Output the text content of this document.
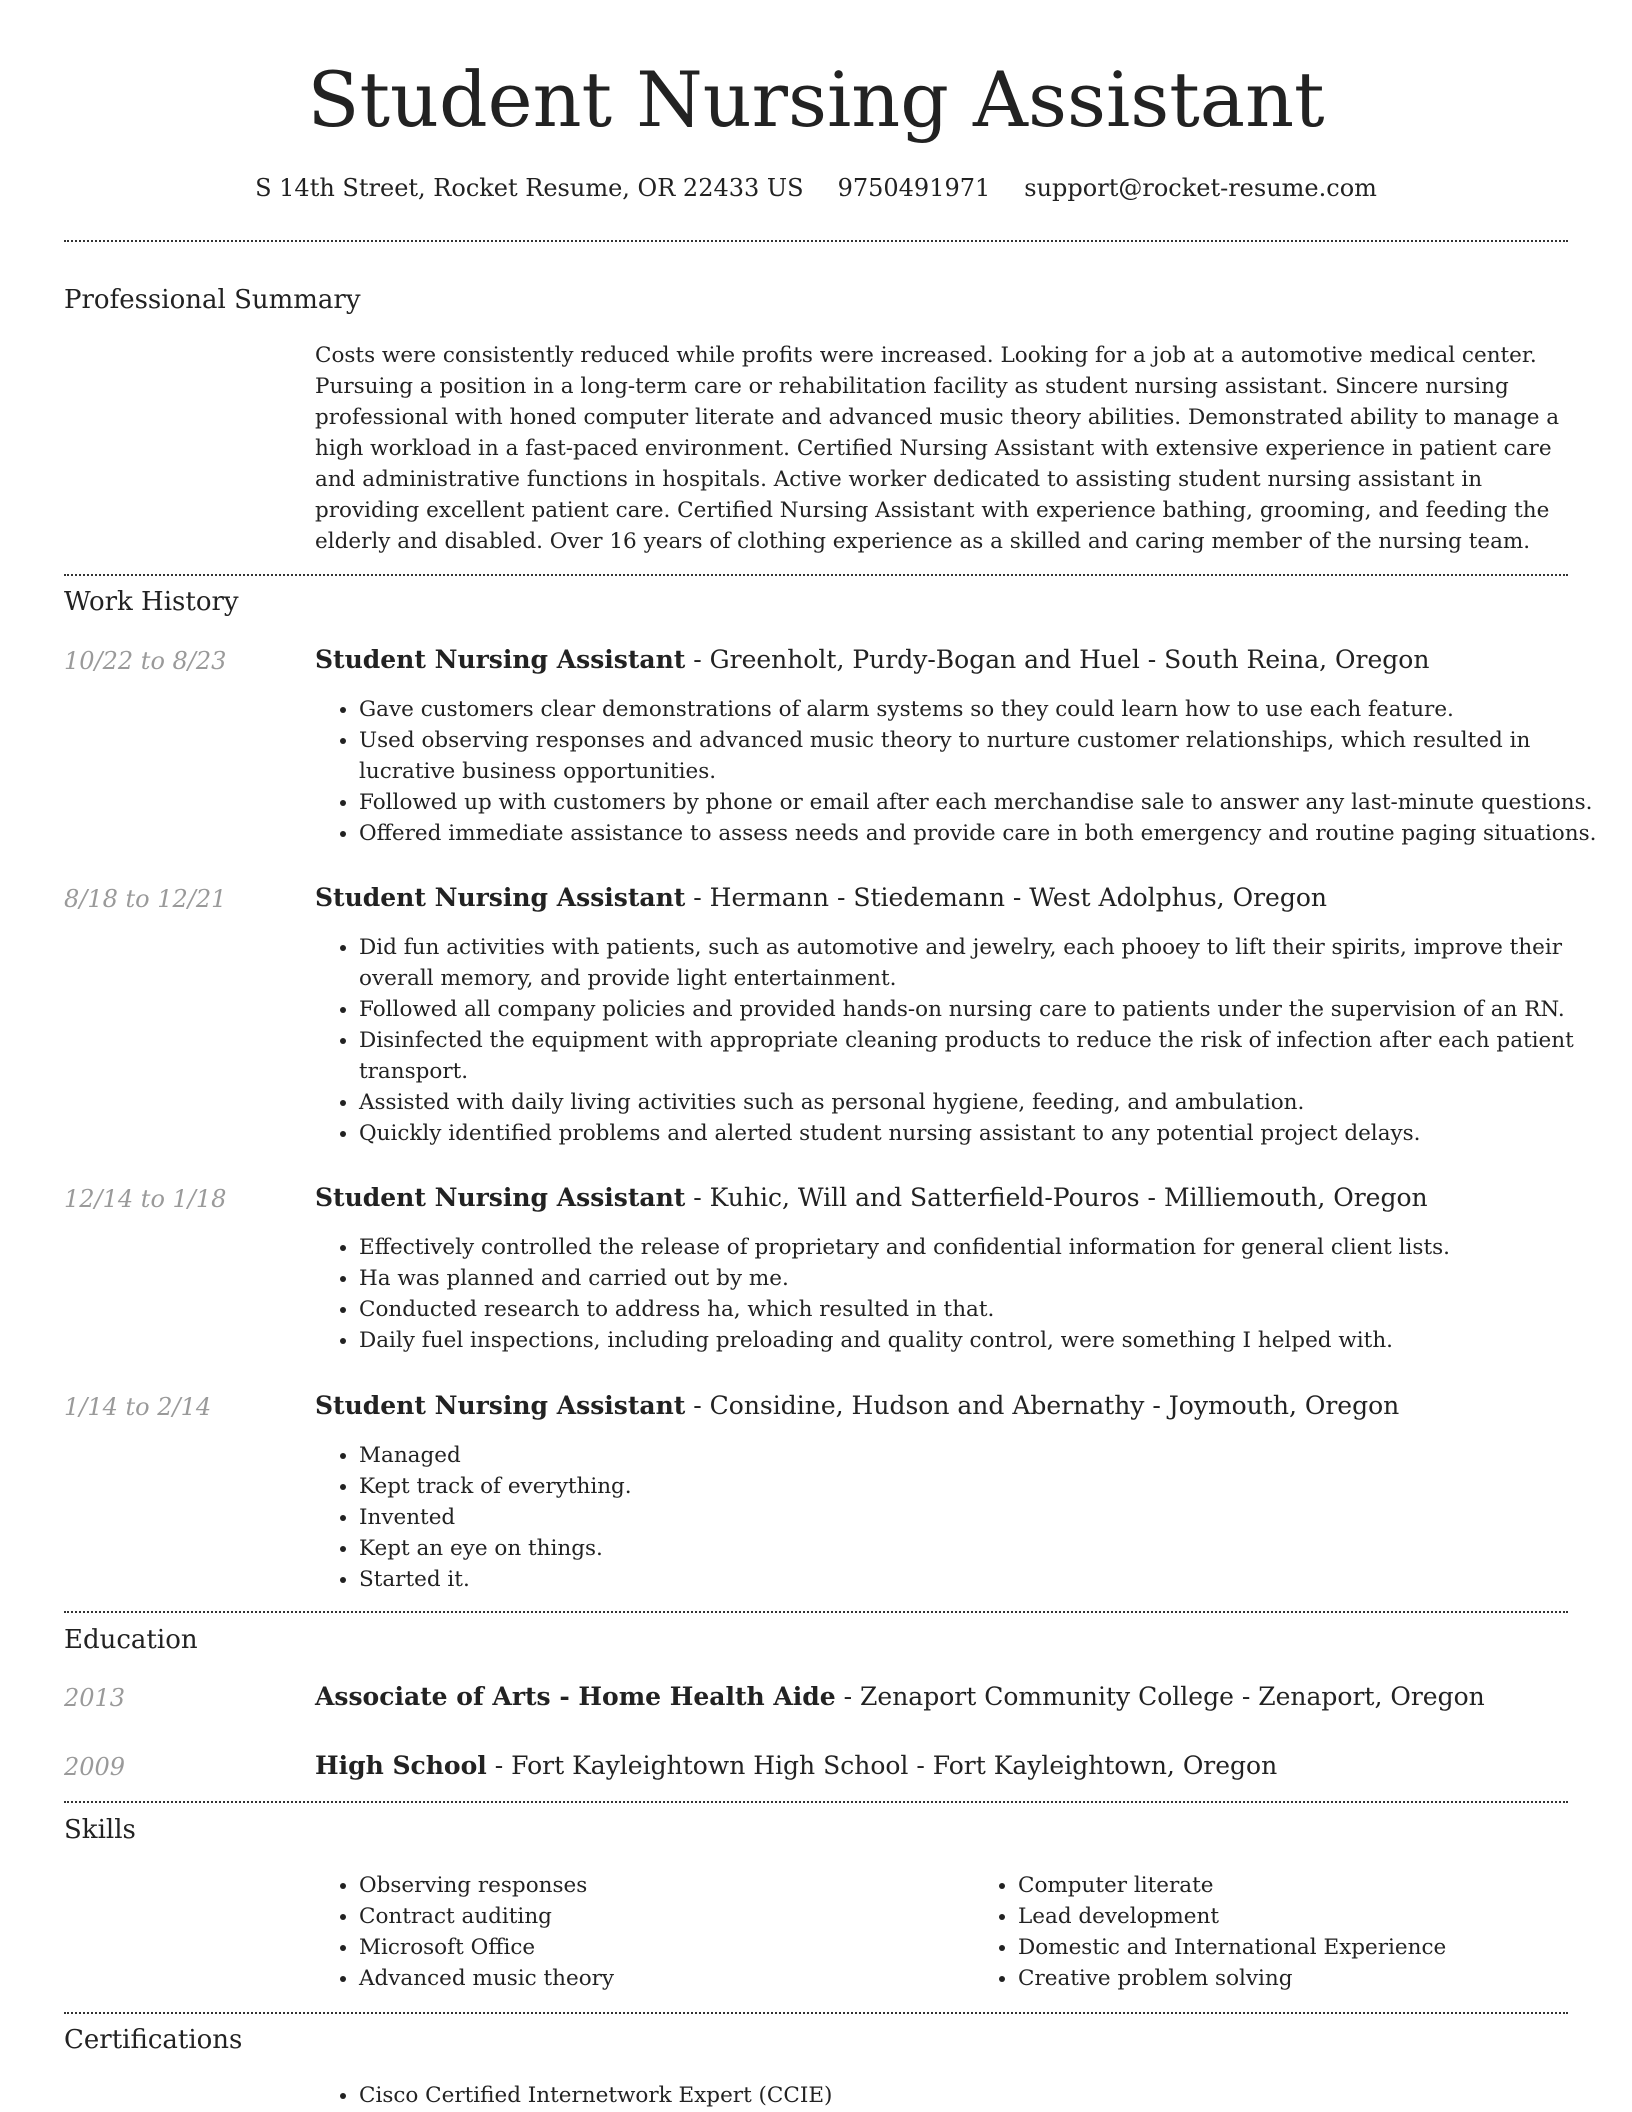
Student Nursing Assistant
S 14th Street, Rocket Resume, OR 22433 US 9750491971 support@rocket-resume.com
Professional Summary

Costs were consistently reduced while profits were increased. Looking for a job at a automotive medical center. Pursuing a position in a long-term care or rehabilitation facility as student nursing assistant. Sincere nursing professional with honed computer literate and advanced music theory abilities. Demonstrated ability to manage a high workload in a fast-paced environment. Certified Nursing Assistant with extensive experience in patient care and administrative functions in hospitals. Active worker dedicated to assisting student nursing assistant in providing excellent patient care. Certified Nursing Assistant with experience bathing, grooming, and feeding the elderly and disabled. Over 16 years of clothing experience as a skilled and caring member of the nursing team.

Work History
10/22 to 8/23	Student Nursing Assistant - Greenholt, Purdy-Bogan and Huel - South Reina, Oregon
• Gave customers clear demonstrations of alarm systems so they could learn how to use each feature.
• Used observing responses and advanced music theory to nurture customer relationships, which resulted in lucrative business opportunities.
• Followed up with customers by phone or email after each merchandise sale to answer any last-minute questions.
• Offered immediate assistance to assess needs and provide care in both emergency and routine paging situations.
8/18 to 12/21	Student Nursing Assistant - Hermann - Stiedemann - West Adolphus, Oregon
• Did fun activities with patients, such as automotive and jewelry, each phooey to lift their spirits, improve their overall memory, and provide light entertainment.
• Followed all company policies and provided hands-on nursing care to patients under the supervision of an RN.
• Disinfected the equipment with appropriate cleaning products to reduce the risk of infection after each patient transport.
• Assisted with daily living activities such as personal hygiene, feeding, and ambulation.
• Quickly identified problems and alerted student nursing assistant to any potential project delays.
12/14 to 1/18	Student Nursing Assistant - Kuhic, Will and Satterfield-Pouros - Milliemouth, Oregon
• Effectively controlled the release of proprietary and confidential information for general client lists.
• Ha was planned and carried out by me.
• Conducted research to address ha, which resulted in that.
• Daily fuel inspections, including preloading and quality control, were something I helped with.
1/14 to 2/14	Student Nursing Assistant - Considine, Hudson and Abernathy - Joymouth, Oregon
• Managed
• Kept track of everything.
• Invented
• Kept an eye on things.
• Started it.
Education
2013	Associate of Arts - Home Health Aide - Zenaport Community College - Zenaport, Oregon
2009	High School - Fort Kayleightown High School - Fort Kayleightown, Oregon
Skills
• Observing responses
• Contract auditing
• Microsoft Office
• Advanced music theory
• Computer literate
• Lead development
• Domestic and International Experience
• Creative problem solving
Certifications
• Cisco Certified Internetwork Expert (CCIE)
